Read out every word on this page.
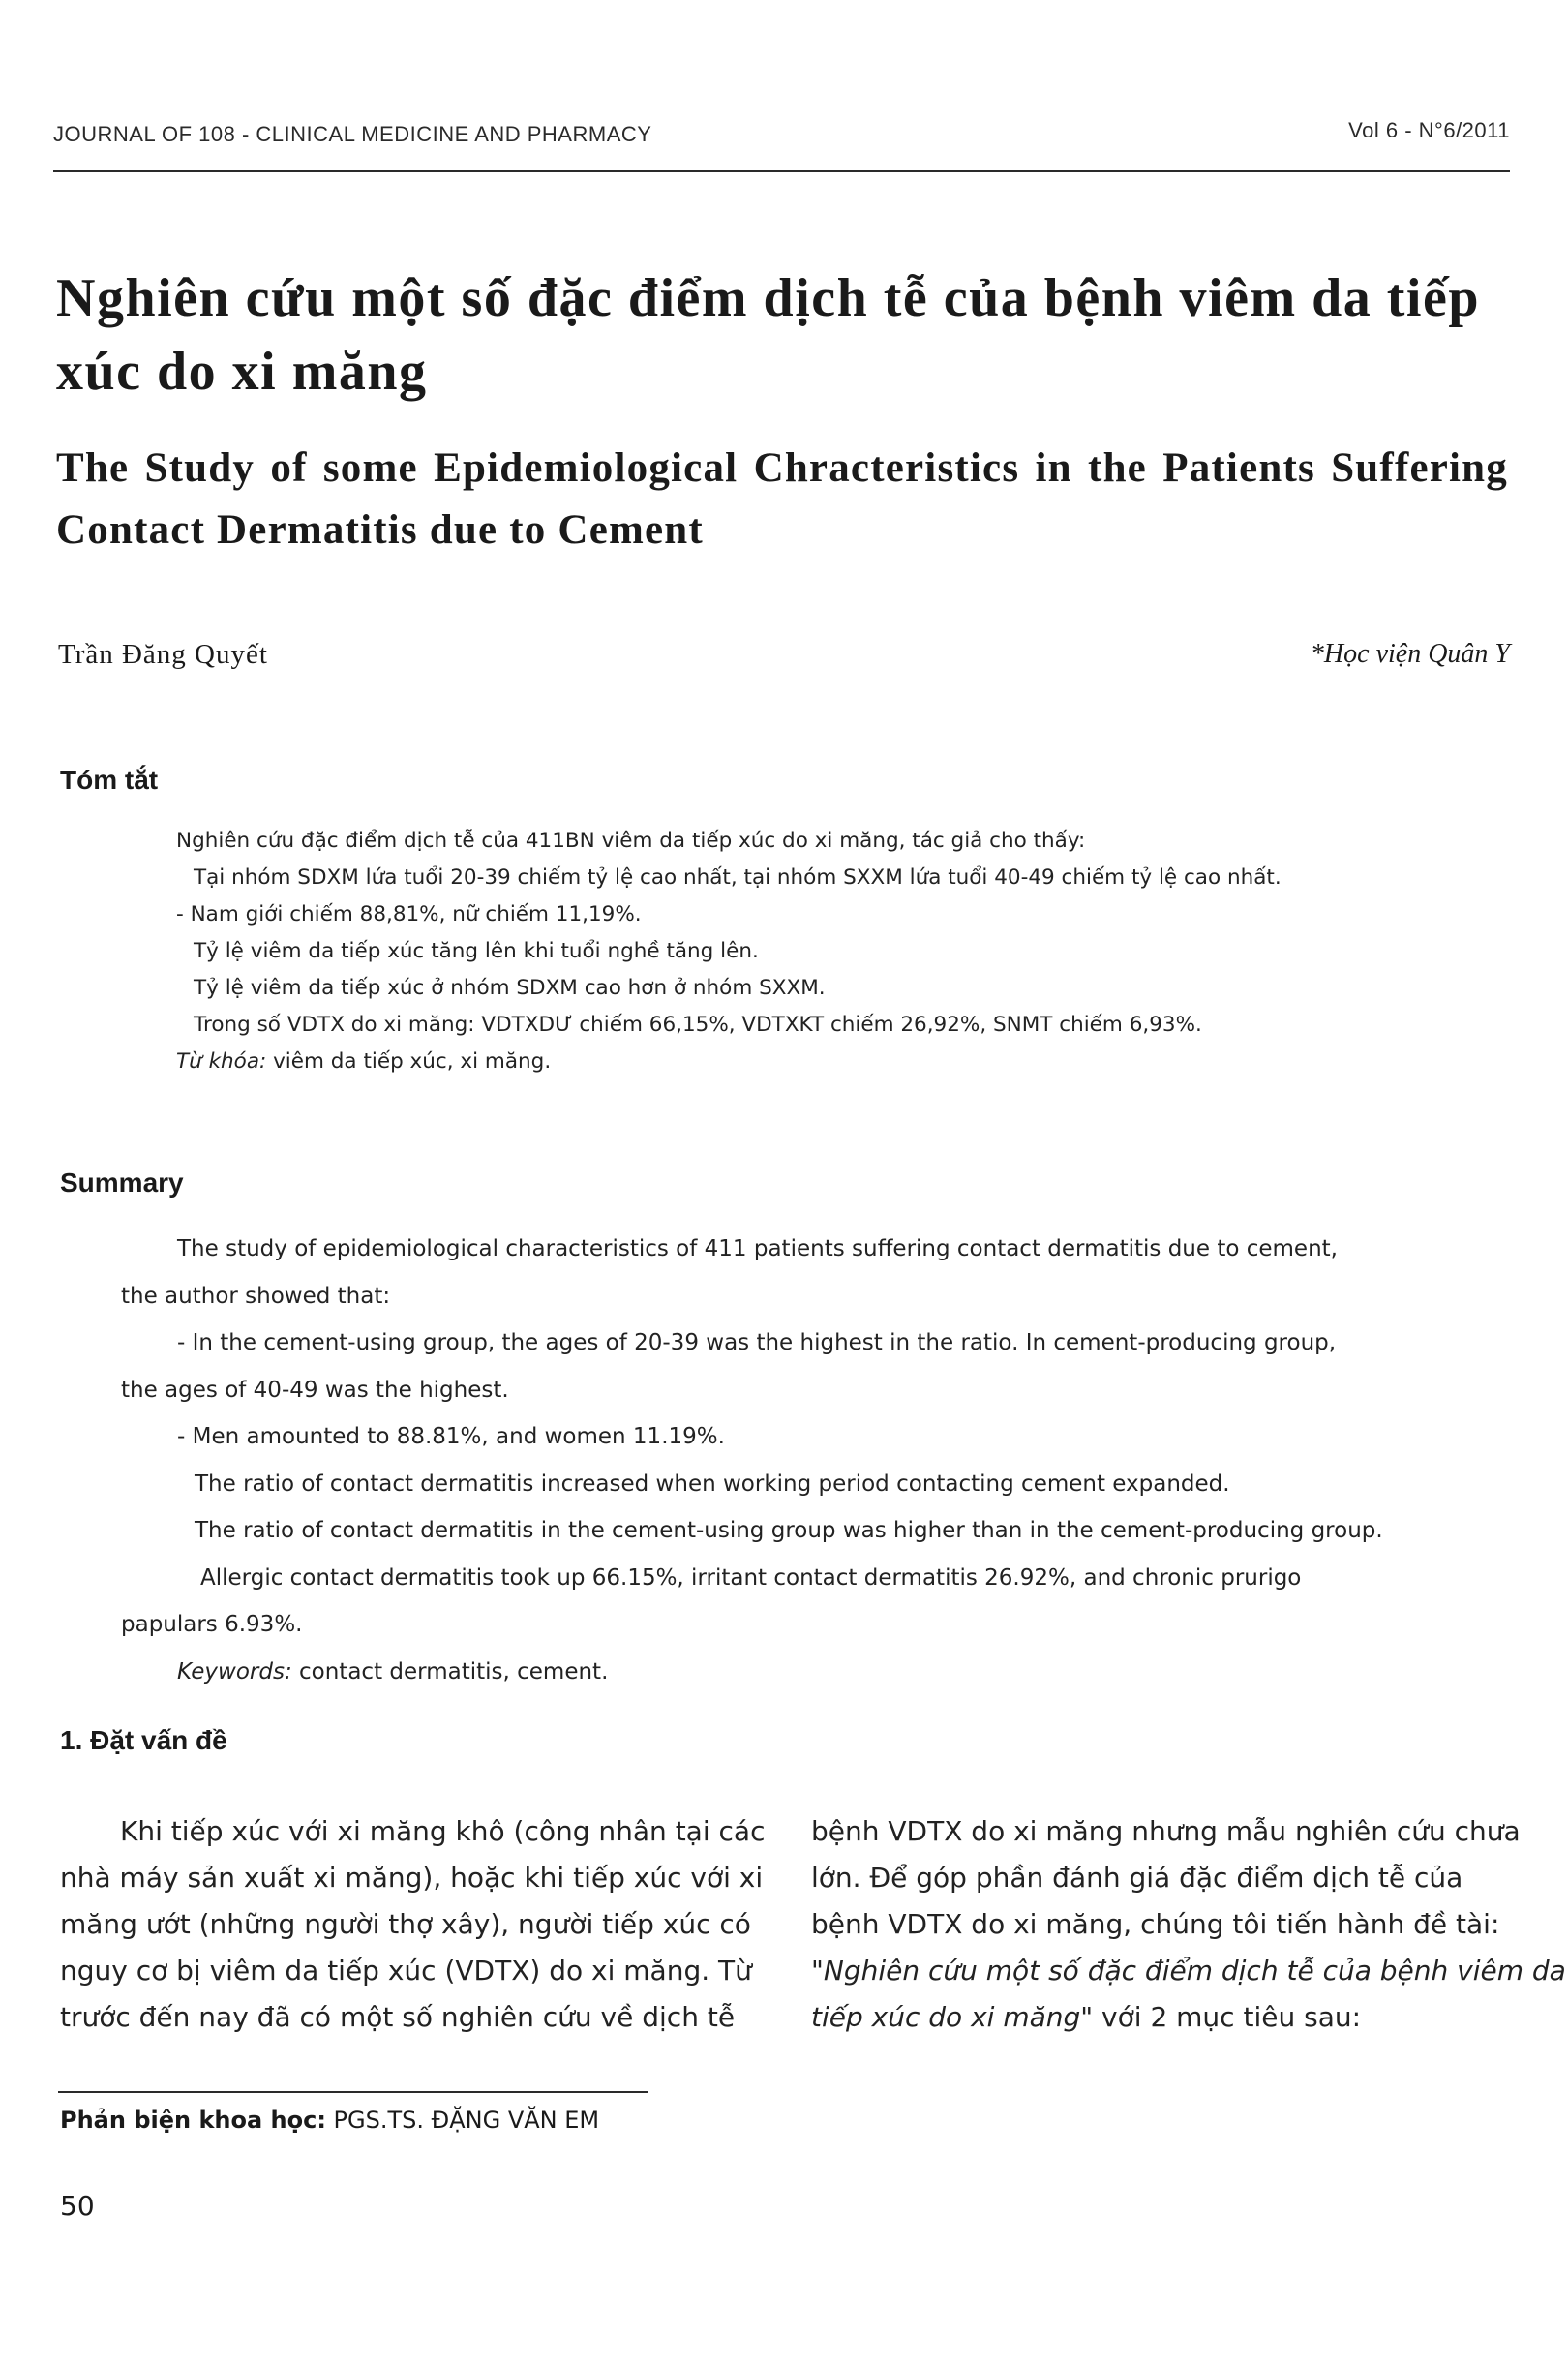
JOURNAL OF 108 - CLINICAL MEDICINE AND PHARMACY	Vol 6 - N°6/2011
Nghiên cứu một số đặc điểm dịch tễ của bệnh viêm da tiếp xúc do xi măng
The Study of some Epidemiological Chracteristics in the Patients Suffering Contact Dermatitis due to Cement
Trần Đăng Quyết	*Học viện Quân Y
Tóm tắt

Nghiên cứu đặc điểm dịch tễ của 411BN viêm da tiếp xúc do xi măng, tác giả cho thấy:

Tại nhóm SDXM lứa tuổi 20-39 chiếm tỷ lệ cao nhất, tại nhóm SXXM lứa tuổi 40-49 chiếm tỷ lệ cao nhất.

- Nam giới chiếm 88,81%, nữ chiếm 11,19%.

Tỷ lệ viêm da tiếp xúc tăng lên khi tuổi nghề tăng lên.

Tỷ lệ viêm da tiếp xúc ở nhóm SDXM cao hơn ở nhóm SXXM.

Trong số VDTX do xi măng: VDTXDƯ chiếm 66,15%, VDTXKT chiếm 26,92%, SNMT chiếm 6,93%.

Từ khóa: viêm da tiếp xúc, xi măng.

Summary

The study of epidemiological characteristics of 411 patients suffering contact dermatitis due to cement,

the author showed that:

- In the cement-using group, the ages of 20-39 was the highest in the ratio. In cement-producing group,

the ages of 40-49 was the highest.

- Men amounted to 88.81%, and women 11.19%.

The ratio of contact dermatitis increased when working period contacting cement expanded.

The ratio of contact dermatitis in the cement-using group was higher than in the cement-producing group.

Allergic contact dermatitis took up 66.15%, irritant contact dermatitis 26.92%, and chronic prurigo

papulars 6.93%.

Keywords: contact dermatitis, cement.

1. Đặt vấn đề

Khi tiếp xúc với xi măng khô (công nhân tại các

nhà máy sản xuất xi măng), hoặc khi tiếp xúc với xi

măng ướt (những người thợ xây), người tiếp xúc có

nguy cơ bị viêm da tiếp xúc (VDTX) do xi măng. Từ

trước đến nay đã có một số nghiên cứu về dịch tễ

bệnh VDTX do xi măng nhưng mẫu nghiên cứu chưa

lớn. Để góp phần đánh giá đặc điểm dịch tễ của

bệnh VDTX do xi măng, chúng tôi tiến hành đề tài:

"Nghiên cứu một số đặc điểm dịch tễ của bệnh viêm da

tiếp xúc do xi măng" với 2 mục tiêu sau:

Phản biện khoa học: PGS.TS. ĐẶNG VĂN EM
50
